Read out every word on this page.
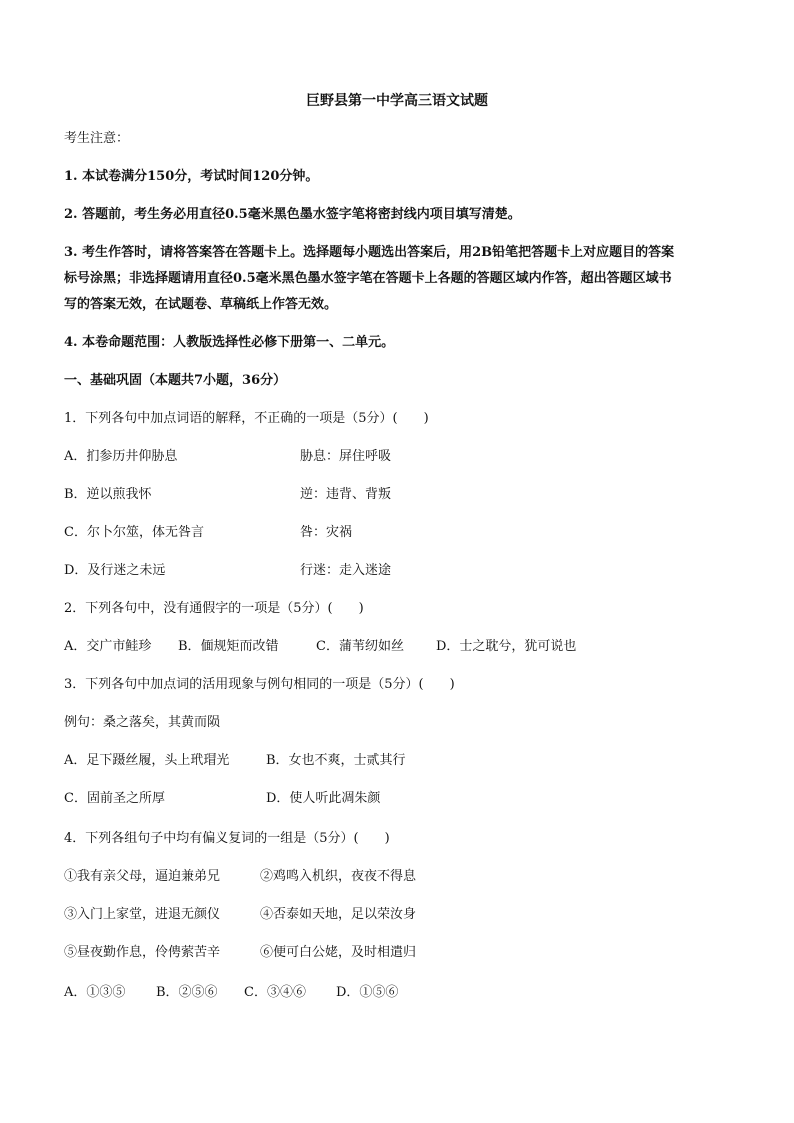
巨野县第一中学高三语文试题
考生注意：
1. 本试卷满分150分，考试时间120分钟。
2. 答题前，考生务必用直径0.5毫米黑色墨水签字笔将密封线内项目填写清楚。
3. 考生作答时，请将答案答在答题卡上。选择题每小题选出答案后，用2B铅笔把答题卡上对应题目的答案
标号涂黑；非选择题请用直径0.5毫米黑色墨水签字笔在答题卡上各题的答题区域内作答，超出答题区域书
写的答案无效，在试题卷、草稿纸上作答无效。
4. 本卷命题范围：人教版选择性必修下册第一、二单元。
一、基础巩固（本题共7小题，36分）
1．下列各句中加点词语的解释，不正确的一项是（5分）(　　)
A．扪参历井仰胁息	胁息：屏住呼吸
B．逆以煎我怀	逆：违背、背叛
C．尔卜尔筮，体无咎言	咎：灾祸
D．及行迷之未远	行迷：走入迷途
2．下列各句中，没有通假字的一项是（5分）(　　)
A．交广市鲑珍 B．偭规矩而改错	C．蒲苇纫如丝 D．士之耽兮，犹可说也
3．下列各句中加点词的活用现象与例句相同的一项是（5分）(　　)
例句：桑之落矣，其黄而陨
A．足下蹑丝履，头上玳瑁光	B．女也不爽，士贰其行
C．固前圣之所厚	D．使人听此凋朱颜
4．下列各组句子中均有偏义复词的一组是（5分）(　　)
①我有亲父母，逼迫兼弟兄	②鸡鸣入机织，夜夜不得息
③入门上家堂，进退无颜仪	④否泰如天地，足以荣汝身
⑤昼夜勤作息，伶俜萦苦辛	⑥便可白公姥，及时相遣归
A．①③⑤ B．②⑤⑥ C．③④⑥ D．①⑤⑥
